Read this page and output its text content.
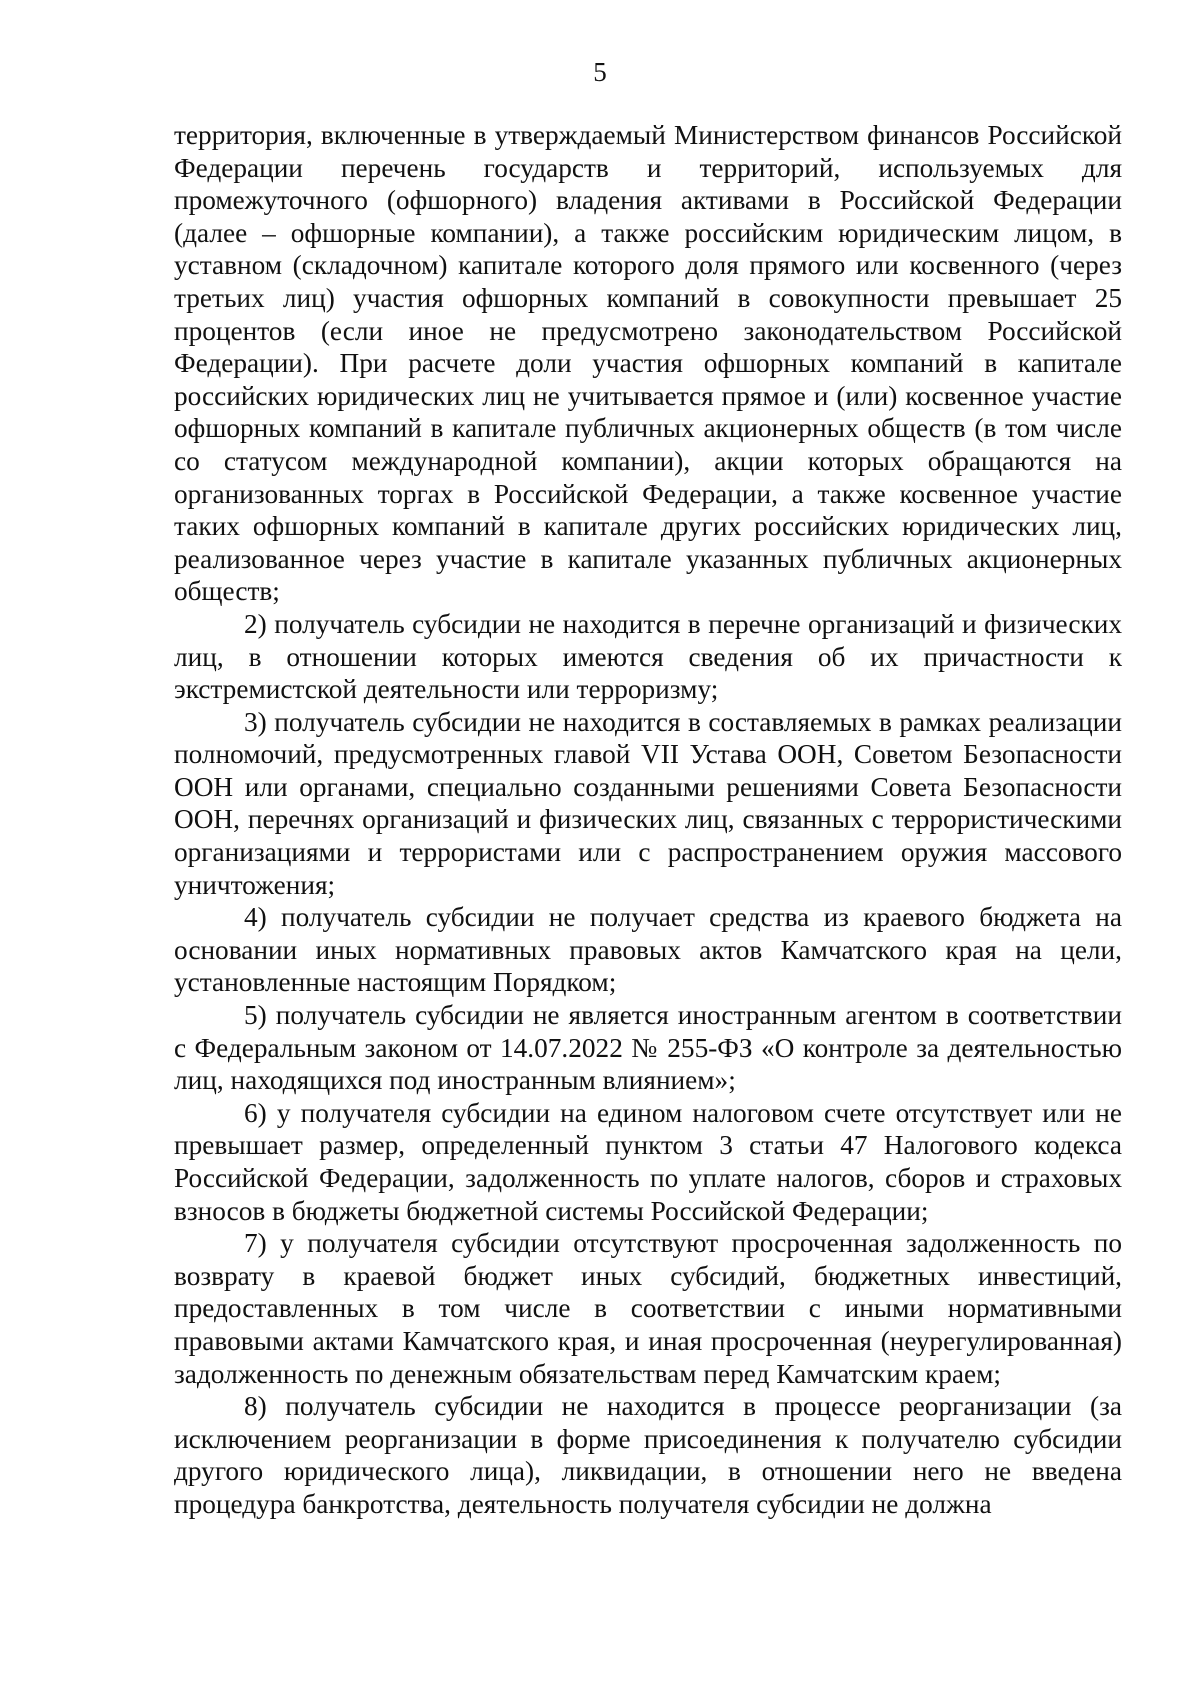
5

территория, включенные в утверждаемый Министерством финансов Российской Федерации перечень государств и территорий, используемых для промежуточного (офшорного) владения активами в Российской Федерации (далее – офшорные компании), а также российским юридическим лицом, в уставном (складочном) капитале которого доля прямого или косвенного (через третьих лиц) участия офшорных компаний в совокупности превышает 25 процентов (если иное не предусмотрено законодательством Российской Федерации). При расчете доли участия офшорных компаний в капитале российских юридических лиц не учитывается прямое и (или) косвенное участие офшорных компаний в капитале публичных акционерных обществ (в том числе со статусом международной компании), акции которых обращаются на организованных торгах в Российской Федерации, а также косвенное участие таких офшорных компаний в капитале других российских юридических лиц, реализованное через участие в капитале указанных публичных акционерных обществ;

2) получатель субсидии не находится в перечне организаций и физических лиц, в отношении которых имеются сведения об их причастности к экстремистской деятельности или терроризму;

3) получатель субсидии не находится в составляемых в рамках реализации полномочий, предусмотренных главой VII Устава ООН, Советом Безопасности ООН или органами, специально созданными решениями Совета Безопасности ООН, перечнях организаций и физических лиц, связанных с террористическими организациями и террористами или с распространением оружия массового уничтожения;

4) получатель субсидии не получает средства из краевого бюджета на основании иных нормативных правовых актов Камчатского края на цели, установленные настоящим Порядком;

5) получатель субсидии не является иностранным агентом в соответствии с Федеральным законом от 14.07.2022 № 255-ФЗ «О контроле за деятельностью лиц, находящихся под иностранным влиянием»;

6) у получателя субсидии на едином налоговом счете отсутствует или не превышает размер, определенный пунктом 3 статьи 47 Налогового кодекса Российской Федерации, задолженность по уплате налогов, сборов и страховых взносов в бюджеты бюджетной системы Российской Федерации;

7) у получателя субсидии отсутствуют просроченная задолженность по возврату в краевой бюджет иных субсидий, бюджетных инвестиций, предоставленных в том числе в соответствии с иными нормативными правовыми актами Камчатского края, и иная просроченная (неурегулированная) задолженность по денежным обязательствам перед Камчатским краем;

8) получатель субсидии не находится в процессе реорганизации (за исключением реорганизации в форме присоединения к получателю субсидии другого юридического лица), ликвидации, в отношении него не введена процедура банкротства, деятельность получателя субсидии не должна
